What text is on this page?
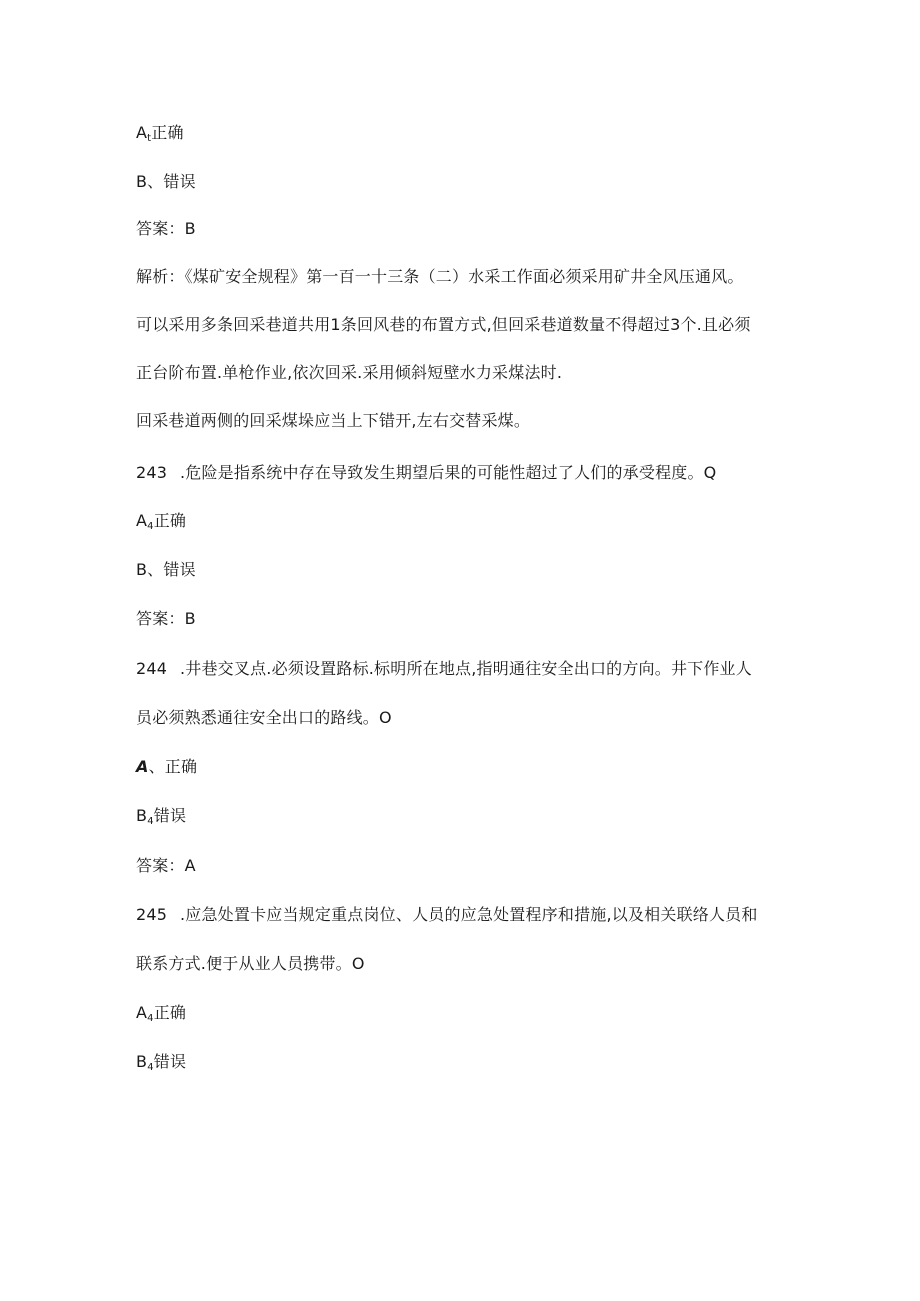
$A_t$正确
B、错误
答案：B
解析：《煤矿安全规程》第一百一十三条（二）水采工作面必须采用矿井全风压通风。
可以采用多条回采巷道共用1条回风巷的布置方式,但回采巷道数量不得超过3个.且必须
正台阶布置.单枪作业,依次回采.采用倾斜短壁水力采煤法时.
回采巷道两侧的回采煤垛应当上下错开,左右交替采煤。
243 .危险是指系统中存在导致发生期望后果的可能性超过了人们的承受程度。Q
$A_4$正确
B、错误
答案：B
244 .井巷交叉点.必须设置路标.标明所在地点,指明通往安全出口的方向。井下作业人
员必须熟悉通往安全出口的路线。O
A、正确
$B_4$错误
答案：A
245 .应急处置卡应当规定重点岗位、人员的应急处置程序和措施,以及相关联络人员和
联系方式.便于从业人员携带。O
$A_4$正确
$B_4$错误
